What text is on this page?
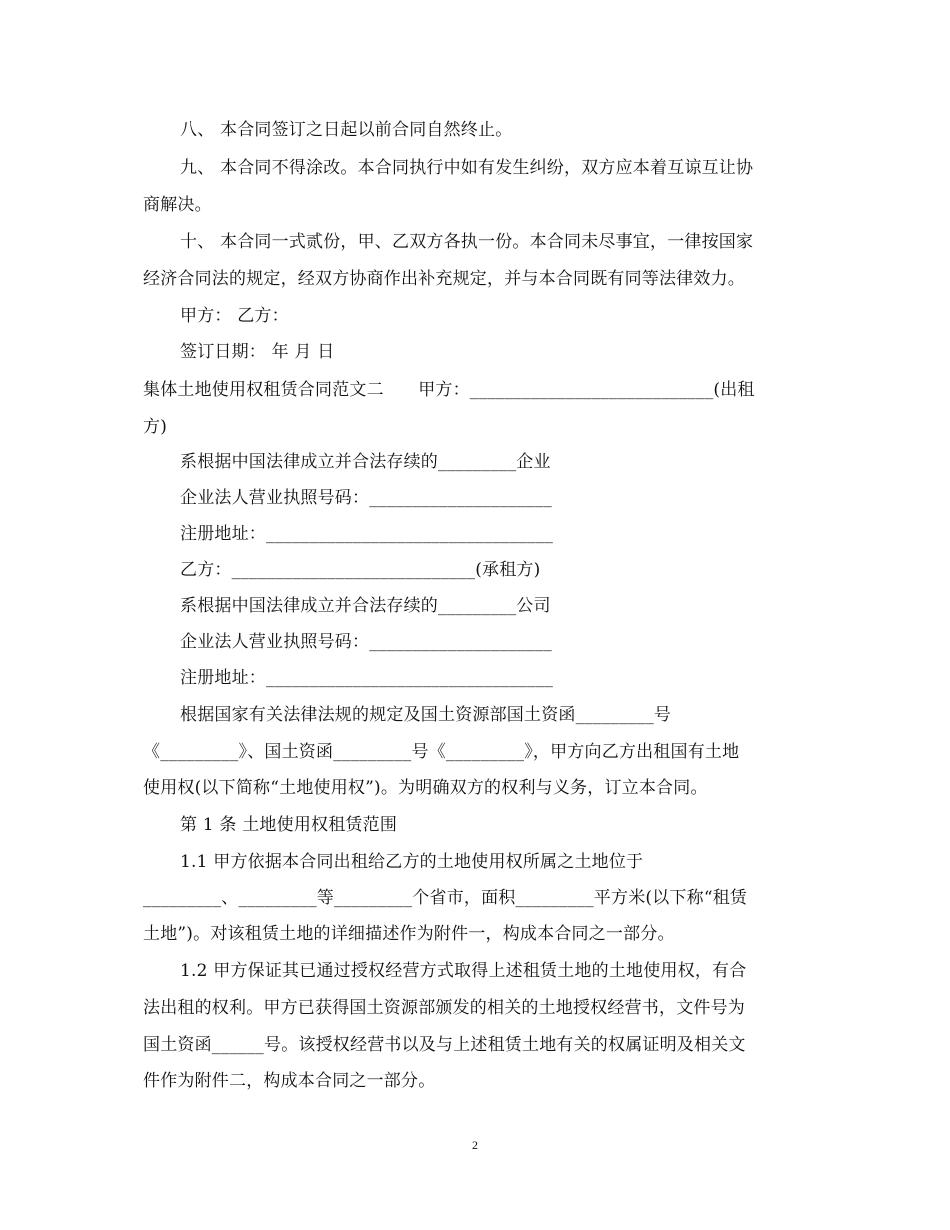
八、 本合同签订之日起以前合同自然终止。
九、 本合同不得涂改。本合同执行中如有发生纠纷，双方应本着互谅互让协
商解决。
十、 本合同一式贰份，甲、乙双方各执一份。本合同未尽事宜，一律按国家
经济合同法的规定，经双方协商作出补充规定，并与本合同既有同等法律效力。
甲方： 乙方：
签订日期： 年 月 日
集体土地使用权租赁合同范文二　　甲方：____________________________(出租
方)
系根据中国法律成立并合法存续的_________企业
企业法人营业执照号码：_____________________
注册地址：_________________________________
乙方：____________________________(承租方)
系根据中国法律成立并合法存续的_________公司
企业法人营业执照号码：_____________________
注册地址：_________________________________
根据国家有关法律法规的规定及国土资源部国土资函_________号
《_________》、国土资函_________号《_________》，甲方向乙方出租国有土地
使用权(以下简称“土地使用权”)。为明确双方的权利与义务，订立本合同。
第 1 条 土地使用权租赁范围
1.1 甲方依据本合同出租给乙方的土地使用权所属之土地位于
_________、_________等_________个省市，面积_________平方米(以下称“租赁
土地”)。对该租赁土地的详细描述作为附件一，构成本合同之一部分。
1.2 甲方保证其已通过授权经营方式取得上述租赁土地的土地使用权，有合
法出租的权利。甲方已获得国土资源部颁发的相关的土地授权经营书，文件号为
国土资函______号。该授权经营书以及与上述租赁土地有关的权属证明及相关文
件作为附件二，构成本合同之一部分。
2
